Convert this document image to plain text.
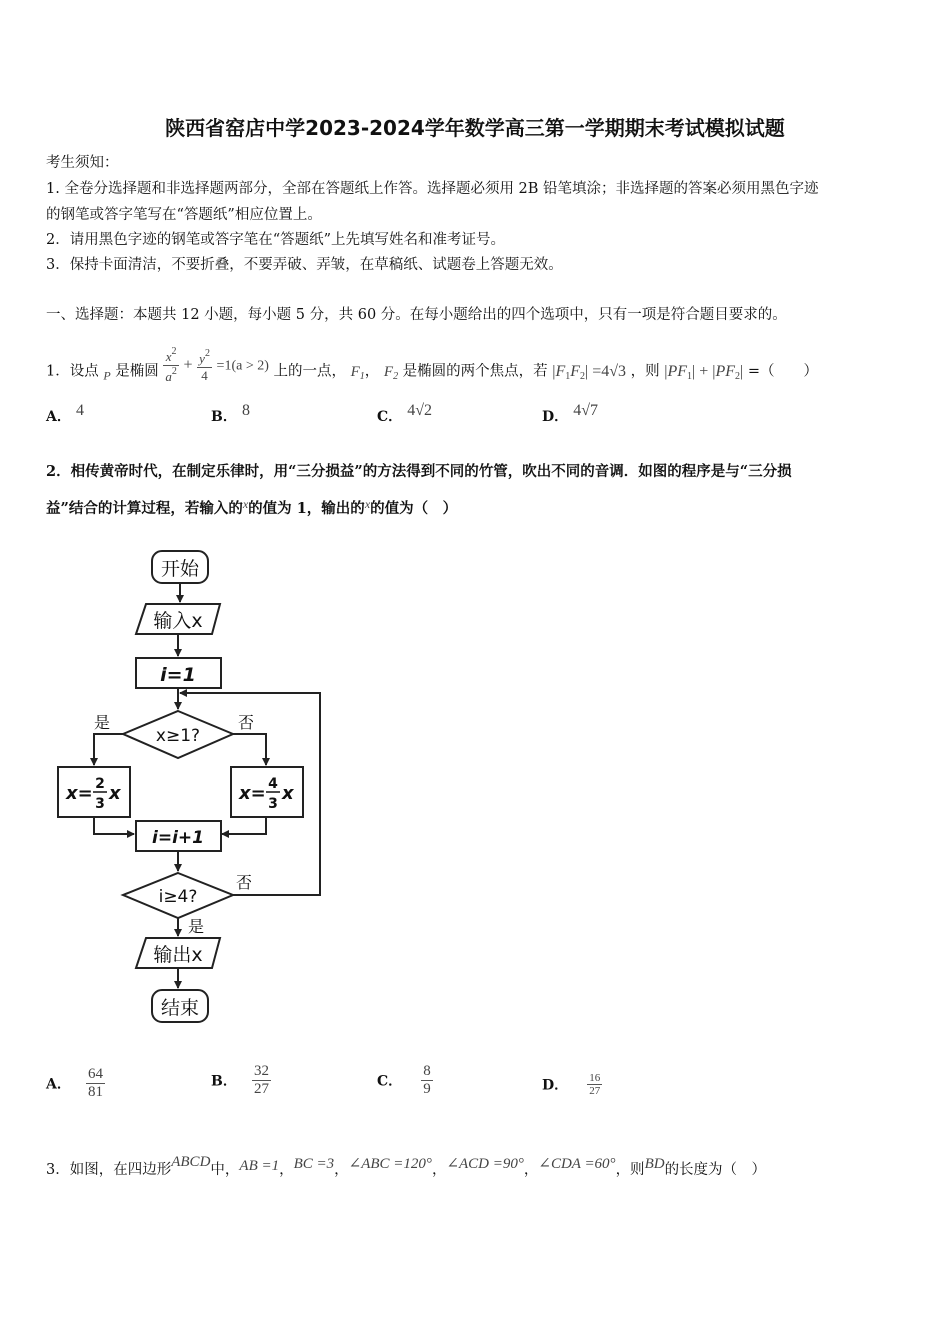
陕西省窑店中学2023-2024学年数学高三第一学期期末考试模拟试题
考生须知：
1. 全卷分选择题和非选择题两部分，全部在答题纸上作答。选择题必须用 2B 铅笔填涂；非选择题的答案必须用黑色字迹
的钢笔或答字笔写在“答题纸”相应位置上。
2．请用黑色字迹的钢笔或答字笔在“答题纸”上先填写姓名和准考证号。
3．保持卡面清洁，不要折叠，不要弄破、弄皱，在草稿纸、试题卷上答题无效。
一、选择题：本题共 12 小题，每小题 5 分，共 60 分。在每小题给出的四个选项中，只有一项是符合题目要求的。
1．设点 $_P$ 是椭圆 $\frac{x^2}{a^2} + \frac{y^2}{4} =1(a > 2)$ 上的一点， $F_1$， $F_2$ 是椭圆的两个焦点，若 $|F_1F_2| =4√3$ ，则 $|PF_1| + |PF_2|$ =（　　）
A． 4	B． 8	C． 4√2	D． 4√7
2．相传黄帝时代，在制定乐律时，用“三分损益”的方法得到不同的竹管，吹出不同的音调．如图的程序是与“三分损
益”结合的计算过程，若输入的$^x$的值为 1，输出的$^x$的值为（　）
开始
输入x
i=1
x≥1?
是	否
x= 2
3 x	x= 4
3 x
i=i+1
i≥4?
否
是
输出x
结束
A． $\frac{64}{81}$	B． $\frac{32}{27}$	C． $\frac{8}{9}$	D． $\frac{16}{27}$
3．如图，在四边形ABCD中，AB =1，BC =3，∠ABC =120°，∠ACD =90°，∠CDA =60°，则BD的长度为（　）
